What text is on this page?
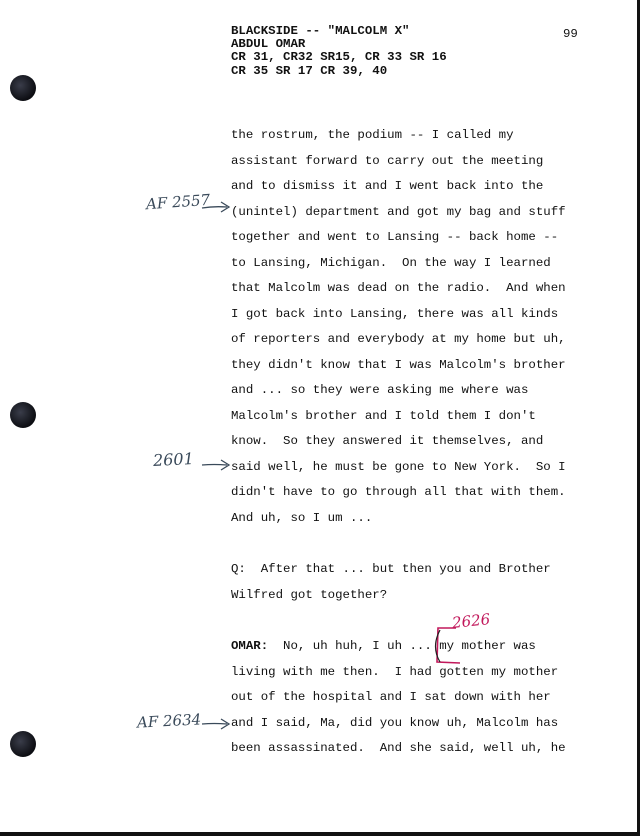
BLACKSIDE -- "MALCOLM X"
ABDUL OMAR
CR 31, CR32 SR15, CR 33 SR 16
CR 35 SR 17 CR 39, 40
99
the rostrum, the podium -- I called my
assistant forward to carry out the meeting
and to dismiss it and I went back into the
(unintel) department and got my bag and stuff
together and went to Lansing -- back home --
to Lansing, Michigan.  On the way I learned
that Malcolm was dead on the radio.  And when
I got back into Lansing, there was all kinds
of reporters and everybody at my home but uh,
they didn't know that I was Malcolm's brother
and ... so they were asking me where was
Malcolm's brother and I told them I don't
know.  So they answered it themselves, and
said well, he must be gone to New York.  So I
didn't have to go through all that with them.
And uh, so I um ...
Q:  After that ... but then you and Brother
Wilfred got together?
OMAR:  No, uh huh, I uh ... my mother was
living with me then.  I had gotten my mother
out of the hospital and I sat down with her
and I said, Ma, did you know uh, Malcolm has
been assassinated.  And she said, well uh, he
AF 2557
2601
2626
AF 2634
